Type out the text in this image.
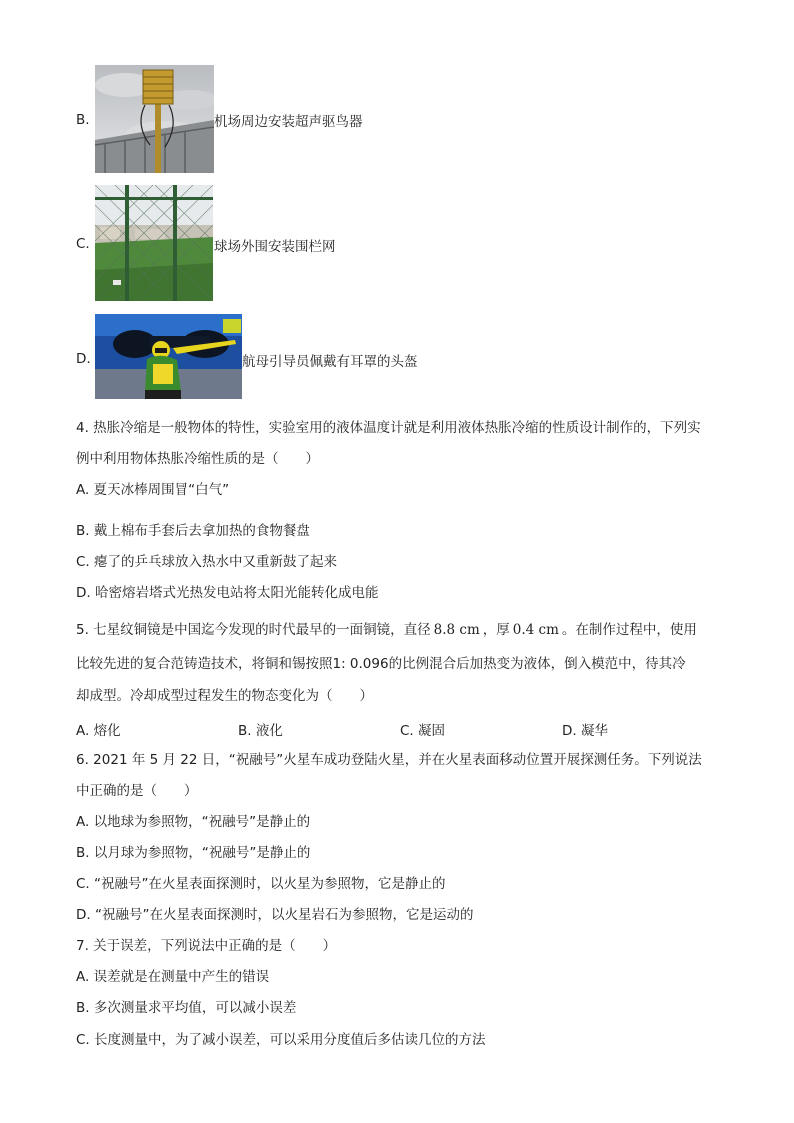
B.	机场周边安装超声驱鸟器
C.	球场外围安装围栏网
D.	航母引导员佩戴有耳罩的头盔
4. 热胀冷缩是一般物体的特性，实验室用的液体温度计就是利用液体热胀冷缩的性质设计制作的，下列实
例中利用物体热胀冷缩性质的是（　　）
A. 夏天冰棒周围冒“白气”
B. 戴上棉布手套后去拿加热的食物餐盘
C. 瘪了的乒乓球放入热水中又重新鼓了起来
D. 哈密熔岩塔式光热发电站将太阳光能转化成电能
5. 七星纹铜镜是中国迄今发现的时代最早的一面铜镜，直径 8.8 cm ，厚 0.4 cm 。在制作过程中，使用
比较先进的复合范铸造技术，将铜和锡按照1: 0.096的比例混合后加热变为液体，倒入模范中，待其冷
却成型。冷却成型过程发生的物态变化为（　　）
A. 熔化	B. 液化	C. 凝固	D. 凝华
6. 2021 年 5 月 22 日，“祝融号”火星车成功登陆火星，并在火星表面移动位置开展探测任务。下列说法
中正确的是（　　）
A. 以地球为参照物，“祝融号”是静止的
B. 以月球为参照物，“祝融号”是静止的
C. “祝融号”在火星表面探测时，以火星为参照物，它是静止的
D. “祝融号”在火星表面探测时，以火星岩石为参照物，它是运动的
7. 关于误差，下列说法中正确的是（　　）
A. 误差就是在测量中产生的错误
B. 多次测量求平均值，可以减小误差
C. 长度测量中，为了减小误差，可以采用分度值后多估读几位的方法
